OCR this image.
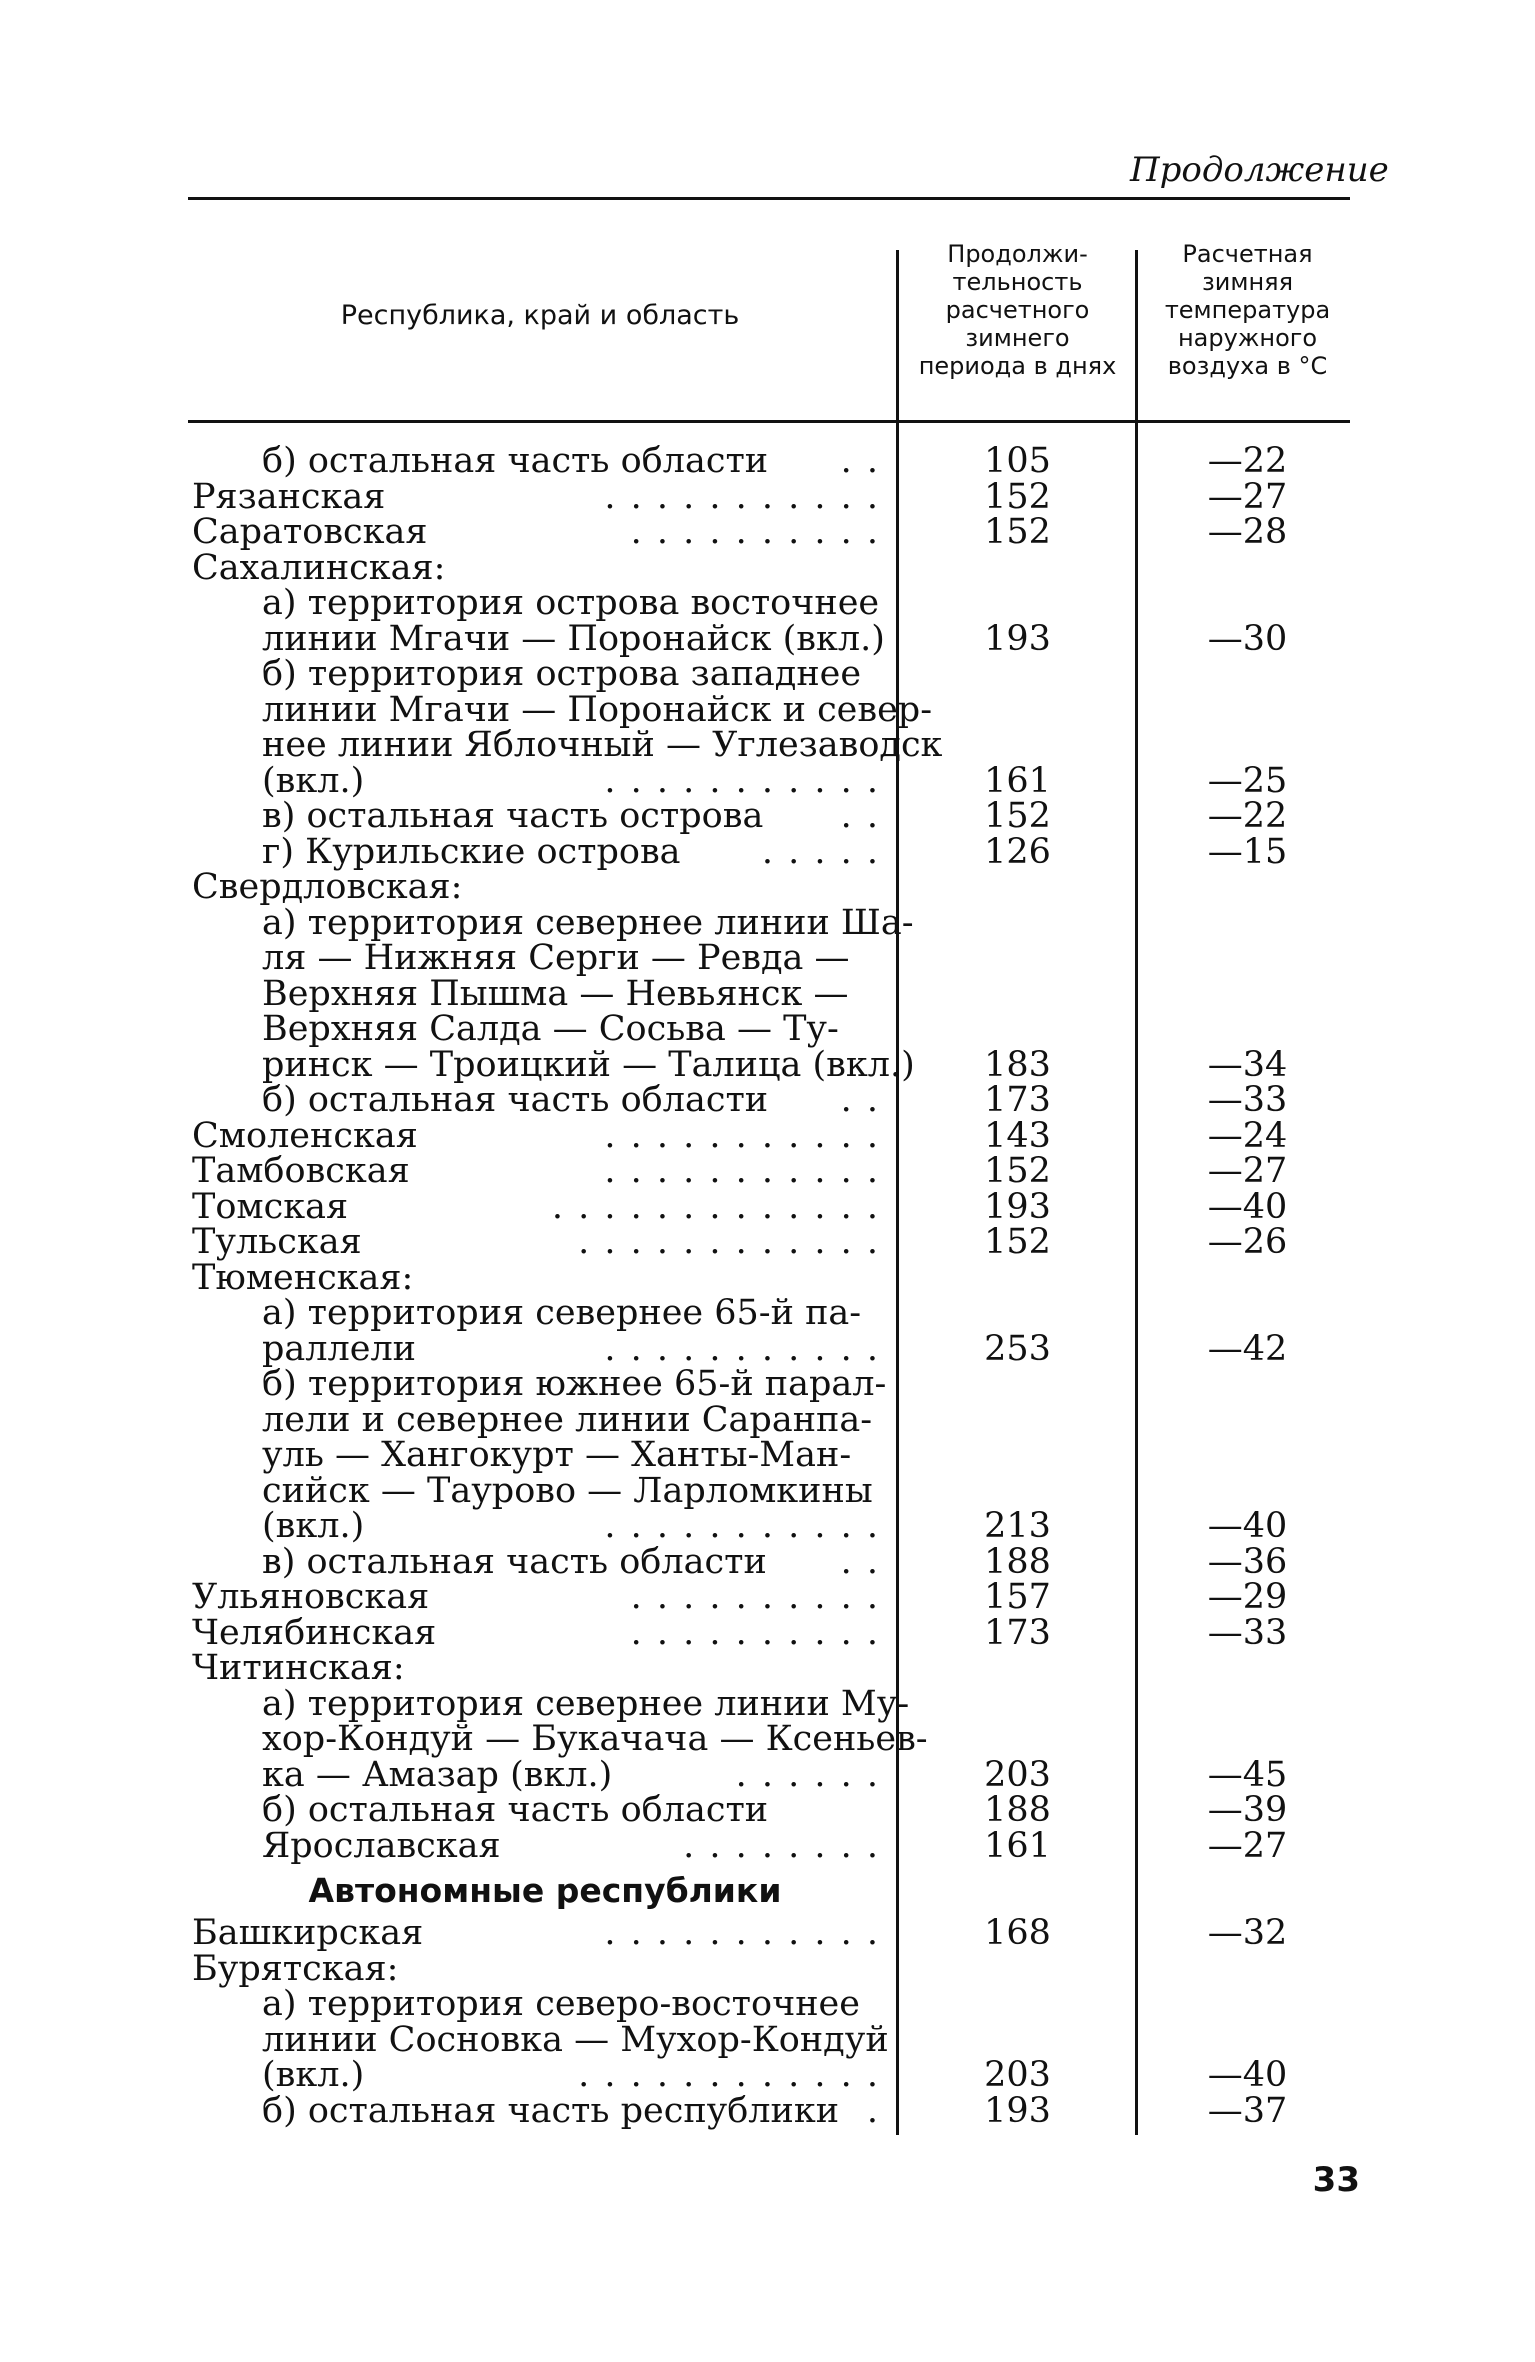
Продолжение
Республика, край и область
Продолжи-
тельность
расчетного
зимнего
периода в днях
Расчетная
зимняя
температура
наружного
воздуха в °С
б) остальная часть области	. .	105	—22
Рязанская	. . . . . . . . . . .	152	—27
Саратовская	. . . . . . . . . .	152	—28
Сахалинская:
а) территория острова восточнее
линии Мгачи — Поронайск (вкл.)	193	—30
б) территория острова западнее
линии Мгачи — Поронайск и север-
нее линии Яблочный — Углезаводск
(вкл.)	. . . . . . . . . . .	161	—25
в) остальная часть острова	. .	152	—22
г) Курильские острова	. . . . .	126	—15
Свердловская:
а) территория севернее линии Ша-
ля — Нижняя Серги — Ревда —
Верхняя Пышма — Невьянск —
Верхняя Салда — Сосьва — Ту-
ринск — Троицкий — Талица (вкл.)	183	—34
б) остальная часть области	. .	173	—33
Смоленская	. . . . . . . . . . .	143	—24
Тамбовская	. . . . . . . . . . .	152	—27
Томская	. . . . . . . . . . . . .	193	—40
Тульская	. . . . . . . . . . . .	152	—26
Тюменская:
а) территория севернее 65-й па-
раллели	. . . . . . . . . . .	253	—42
б) территория южнее 65-й парал-
лели и севернее линии Саранпа-
уль — Хангокурт — Ханты-Ман-
сийск — Таурово — Ларломкины
(вкл.)	. . . . . . . . . . .	213	—40
в) остальная часть области	. .	188	—36
Ульяновская	. . . . . . . . . .	157	—29
Челябинская	. . . . . . . . . .	173	—33
Читинская:
а) территория севернее линии Му-
хор-Кондуй — Букачача — Ксеньев-
ка — Амазар (вкл.)	. . . . . .	203	—45
б) остальная часть области	188	—39
Ярославская	. . . . . . . .	161	—27
Башкирская	. . . . . . . . . . .	168	—32
Бурятская:
а) территория северо-восточнее
линии Сосновка — Мухор-Кондуй
(вкл.)	. . . . . . . . . . . .	203	—40
б) остальная часть республики .	193	—37
Автономные республики
33
